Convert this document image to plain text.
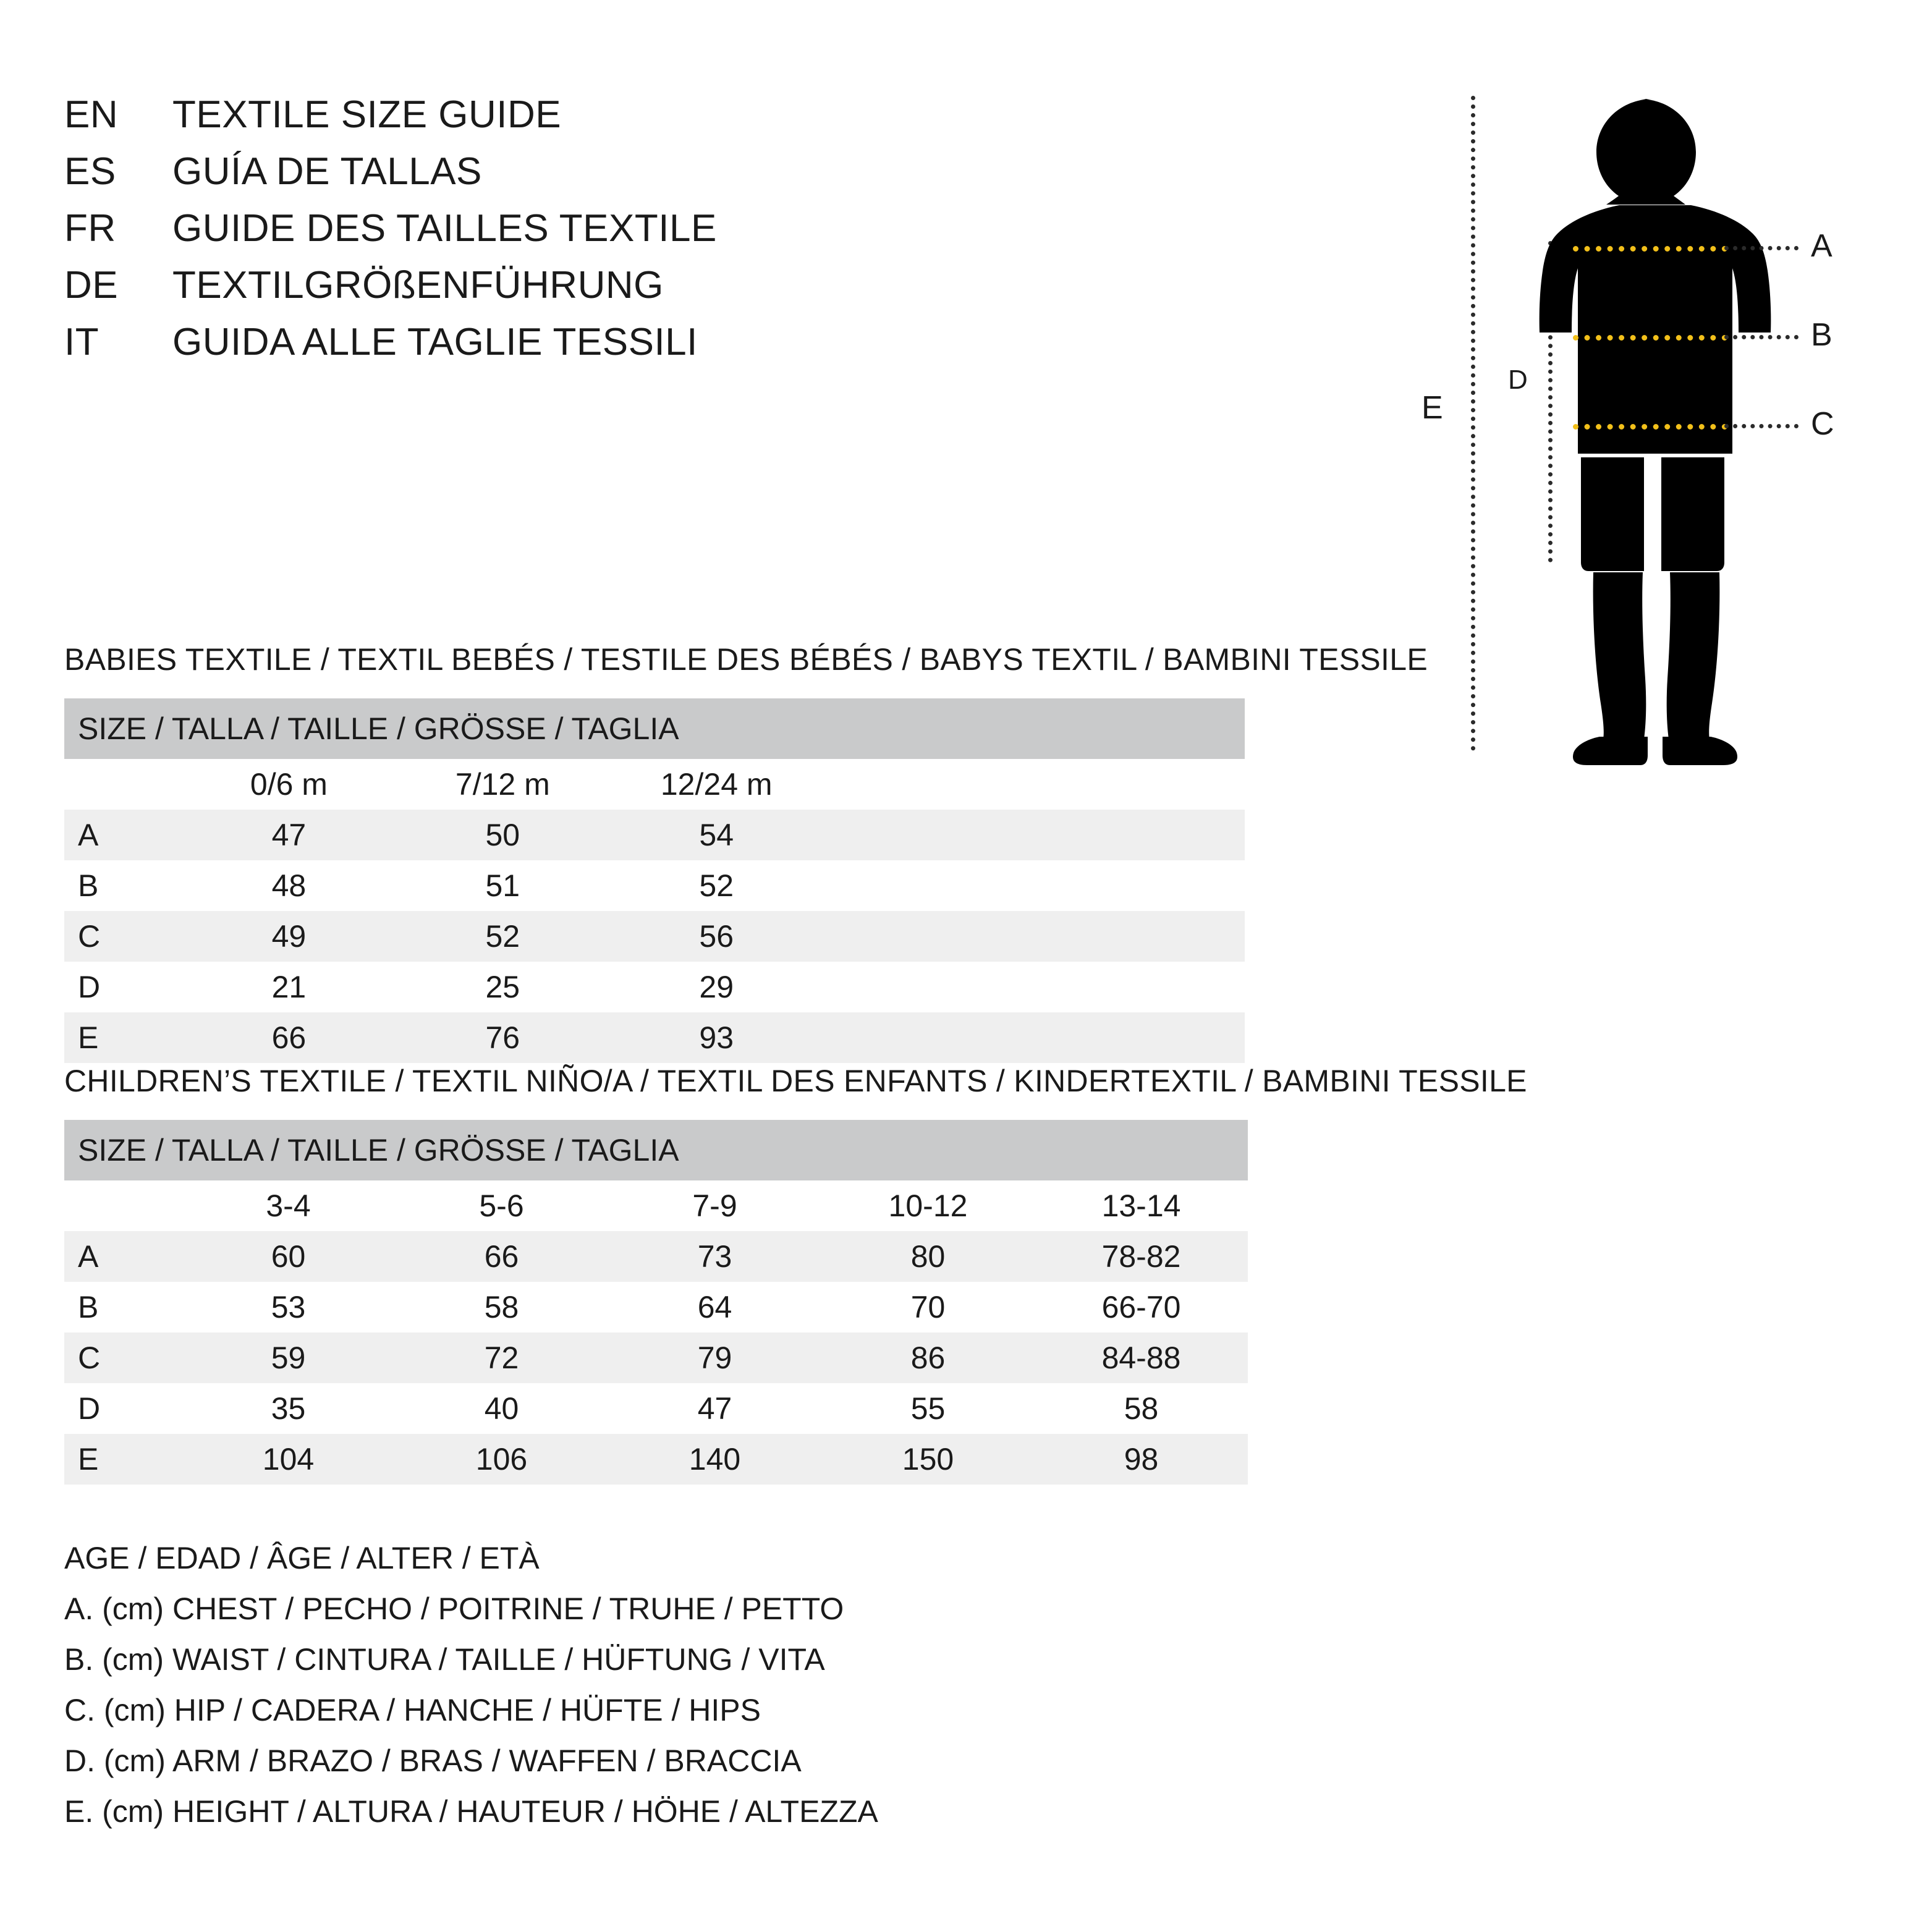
EN	TEXTILE SIZE GUIDE
ES	GUÍA DE TALLAS
FR	GUIDE DES TAILLES TEXTILE
DE	TEXTILGRÖßENFÜHRUNG
IT	GUIDA ALLE TAGLIE TESSILI
E
D
A
B
C
BABIES TEXTILE / TEXTIL BEBÉS / TESTILE DES BÉBÉS / BABYS TEXTIL / BAMBINI TESSILE
SIZE / TALLA / TAILLE / GRÖSSE / TAGLIA				
	0/6 m	7/12 m	12/24 m	
A	47	50	54	
B	48	51	52	
C	49	52	56	
D	21	25	29	
E	66	76	93	
CHILDREN’S TEXTILE / TEXTIL NIÑO/A / TEXTIL DES ENFANTS / KINDERTEXTIL / BAMBINI TESSILE
SIZE / TALLA / TAILLE / GRÖSSE / TAGLIA					
	3-4	5-6	7-9	10-12	13-14
A	60	66	73	80	78-82
B	53	58	64	70	66-70
C	59	72	79	86	84-88
D	35	40	47	55	58
E	104	106	140	150	98
AGE / EDAD / ÂGE / ALTER / ETÀ
A. (cm) CHEST / PECHO / POITRINE / TRUHE / PETTO
B. (cm) WAIST / CINTURA / TAILLE / HÜFTUNG / VITA
C. (cm) HIP / CADERA / HANCHE / HÜFTE / HIPS
D. (cm) ARM / BRAZO / BRAS / WAFFEN / BRACCIA
E. (cm) HEIGHT / ALTURA / HAUTEUR / HÖHE / ALTEZZA
